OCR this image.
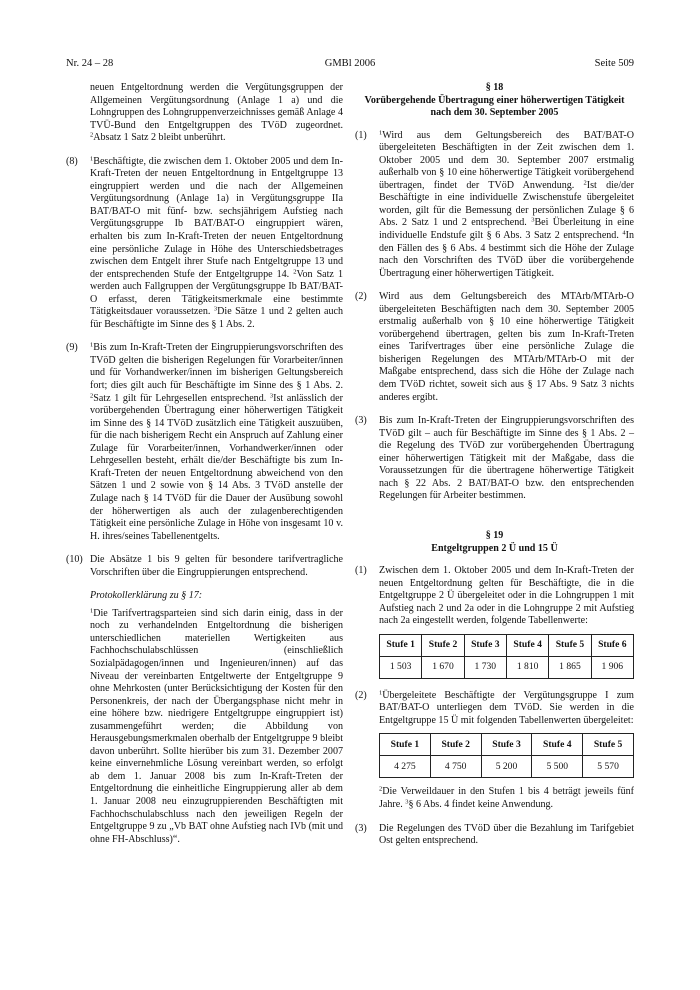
Nr. 24 – 28	GMBl 2006	Seite 509
neuen Entgeltordnung werden die Vergütungsgruppen der Allgemeinen Vergütungsordnung (Anlage 1 a) und die Lohngruppen des Lohngruppenverzeichnisses gemäß Anlage 4 TVÜ-Bund den Entgeltgruppen des TVöD zugeordnet. $^2$Absatz 1 Satz 2 bleibt unberührt.
(8) $^1$Beschäftigte, die zwischen dem 1. Oktober 2005 und dem In-Kraft-Treten der neuen Entgeltordnung in Entgeltgruppe 13 eingruppiert werden und die nach der Allgemeinen Vergütungsordnung (Anlage 1a) in Vergütungsgruppe IIa BAT/BAT-O mit fünf- bzw. sechsjährigem Aufstieg nach Vergütungsgruppe Ib BAT/BAT-O eingruppiert wären, erhalten bis zum In-Kraft-Treten der neuen Entgeltordnung eine persönliche Zulage in Höhe des Unterschiedsbetrages zwischen dem Entgelt ihrer Stufe nach Entgeltgruppe 13 und der entsprechenden Stufe der Entgeltgruppe 14. $^2$Von Satz 1 werden auch Fallgruppen der Vergütungsgruppe Ib BAT/BAT-O erfasst, deren Tätigkeitsmerkmale eine bestimmte Tätigkeitsdauer voraussetzen. $^3$Die Sätze 1 und 2 gelten auch für Beschäftigte im Sinne des § 1 Abs. 2.
(9) $^1$Bis zum In-Kraft-Treten der Eingruppierungsvorschriften des TVöD gelten die bisherigen Regelungen für Vorarbeiter/innen und für Vorhandwerker/innen im bisherigen Geltungsbereich fort; dies gilt auch für Beschäftigte im Sinne des § 1 Abs. 2. $^2$Satz 1 gilt für Lehrgesellen entsprechend. $^3$Ist anlässlich der vorübergehenden Übertragung einer höherwertigen Tätigkeit im Sinne des § 14 TVöD zusätzlich eine Tätigkeit auszuüben, für die nach bisherigem Recht ein Anspruch auf Zahlung einer Zulage für Vorarbeiter/innen, Vorhandwerker/innen oder Lehrgesellen besteht, erhält die/der Beschäftigte bis zum In-Kraft-Treten der neuen Entgeltordnung abweichend von den Sätzen 1 und 2 sowie von § 14 Abs. 3 TVöD anstelle der Zulage nach § 14 TVöD für die Dauer der Ausübung sowohl der höherwertigen als auch der zulagenberechtigenden Tätigkeit eine persönliche Zulage in Höhe von insgesamt 10 v. H. ihres/seines Tabellenentgelts.
(10) Die Absätze 1 bis 9 gelten für besondere tarifvertragliche Vorschriften über die Eingruppierungen entsprechend.
Protokollerklärung zu § 17:
$^1$Die Tarifvertragsparteien sind sich darin einig, dass in der noch zu verhandelnden Entgeltordnung die bisherigen unterschiedlichen materiellen Wertigkeiten aus Fachhochschulabschlüssen (einschließlich Sozialpädagogen/innen und Ingenieuren/innen) auf das Niveau der vereinbarten Entgeltwerte der Entgeltgruppe 9 ohne Mehrkosten (unter Berücksichtigung der Kosten für den Personenkreis, der nach der Übergangsphase nicht mehr in eine höhere bzw. niedrigere Entgeltgruppe eingruppiert ist) zusammengeführt werden; die Abbildung von Herausgebungsmerkmalen oberhalb der Entgeltgruppe 9 bleibt davon unberührt. Sollte hierüber bis zum 31. Dezember 2007 keine einvernehmliche Lösung vereinbart werden, so erfolgt ab dem 1. Januar 2008 bis zum In-Kraft-Treten der Entgeltordnung die einheitliche Eingruppierung aller ab dem 1. Januar 2008 neu einzugruppierenden Beschäftigten mit Fachhochschulabschluss nach den jeweiligen Regeln der Entgeltgruppe 9 zu „Vb BAT ohne Aufstieg nach IVb (mit und ohne FH-Abschluss)“.
§ 18
Vorübergehende Übertragung einer höherwertigen Tätigkeit nach dem 30. September 2005
(1) $^1$Wird aus dem Geltungsbereich des BAT/BAT-O übergeleiteten Beschäftigten in der Zeit zwischen dem 1. Oktober 2005 und dem 30. September 2007 erstmalig außerhalb von § 10 eine höherwertige Tätigkeit vorübergehend übertragen, findet der TVöD Anwendung. $^2$Ist die/der Beschäftigte in eine individuelle Zwischenstufe übergeleitet worden, gilt für die Bemessung der persönlichen Zulage § 6 Abs. 2 Satz 1 und 2 entsprechend. $^3$Bei Überleitung in eine individuelle Endstufe gilt § 6 Abs. 3 Satz 2 entsprechend. $^4$In den Fällen des § 6 Abs. 4 bestimmt sich die Höhe der Zulage nach den Vorschriften des TVöD über die vorübergehende Übertragung einer höherwertigen Tätigkeit.
(2) Wird aus dem Geltungsbereich des MTArb/MTArb-O übergeleiteten Beschäftigten nach dem 30. September 2005 erstmalig außerhalb von § 10 eine höherwertige Tätigkeit vorübergehend übertragen, gelten bis zum In-Kraft-Treten eines Tarifvertrages über eine persönliche Zulage die bisherigen Regelungen des MTArb/MTArb-O mit der Maßgabe entsprechend, dass sich die Höhe der Zulage nach dem TVöD richtet, soweit sich aus § 17 Abs. 9 Satz 3 nichts anderes ergibt.
(3) Bis zum In-Kraft-Treten der Eingruppierungsvorschriften des TVöD gilt – auch für Beschäftigte im Sinne des § 1 Abs. 2 – die Regelung des TVöD zur vorübergehenden Übertragung einer höherwertigen Tätigkeit mit der Maßgabe, dass die Voraussetzungen für die übertragene höherwertige Tätigkeit nach § 22 Abs. 2 BAT/BAT-O bzw. den entsprechenden Regelungen für Arbeiter bestimmen.
§ 19
Entgeltgruppen 2 Ü und 15 Ü
(1) Zwischen dem 1. Oktober 2005 und dem In-Kraft-Treten der neuen Entgeltordnung gelten für Beschäftigte, die in die Entgeltgruppe 2 Ü übergeleitet oder in die Lohngruppen 1 mit Aufstieg nach 2 und 2a oder in die Lohngruppe 2 mit Aufstieg nach 2a eingestellt werden, folgende Tabellenwerte:
Stufe 1	Stufe 2	Stufe 3	Stufe 4	Stufe 5	Stufe 6
1 503	1 670	1 730	1 810	1 865	1 906
(2) $^1$Übergeleitete Beschäftigte der Vergütungsgruppe I zum BAT/BAT-O unterliegen dem TVöD. Sie werden in die Entgeltgruppe 15 Ü mit folgenden Tabellenwerten übergeleitet:
Stufe 1	Stufe 2	Stufe 3	Stufe 4	Stufe 5
4 275	4 750	5 200	5 500	5 570
$^2$Die Verweildauer in den Stufen 1 bis 4 beträgt jeweils fünf Jahre. $^3$§ 6 Abs. 4 findet keine Anwendung.
(3) Die Regelungen des TVöD über die Bezahlung im Tarifgebiet Ost gelten entsprechend.
